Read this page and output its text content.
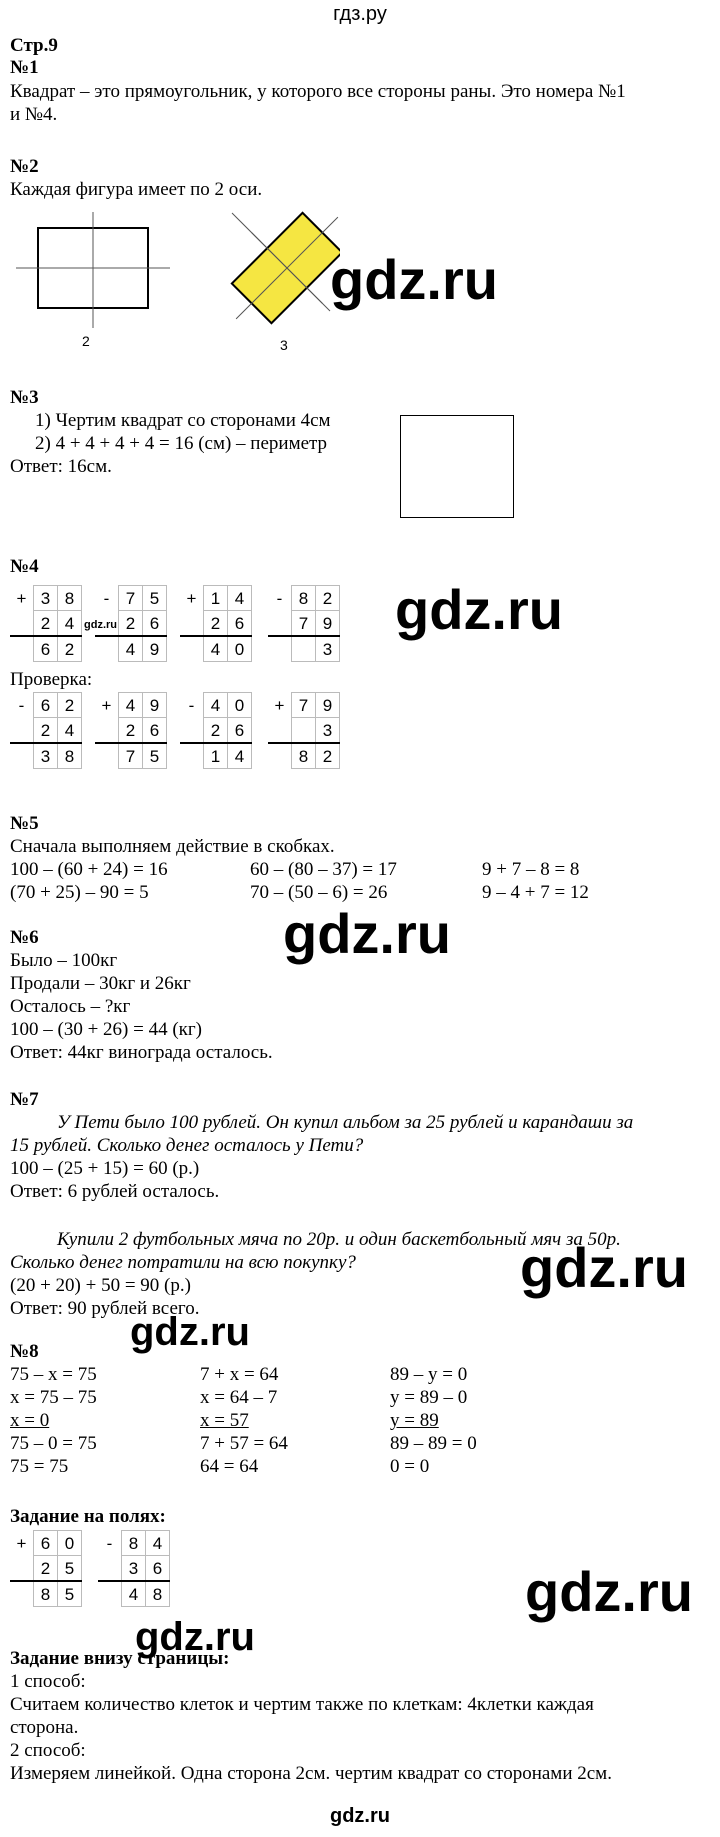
гдз.ру
Стр.9
№1
Квадрат – это прямоугольник, у которого все стороны раны. Это номера №1
и №4.
№2
Каждая фигура имеет по 2 оси.
2	3
gdz.ru
№3
1) Чертим квадрат со сторонами 4см
2) 4 + 4 + 4 + 4 = 16 (см) – периметр
Ответ: 16см.
№4
+	3	8
	2	4
	6	2
-	7	5
	2	6
	4	9
+	1	4
	2	6
	4	0
-	8	2
	7	9
		3
gdz.ru	gdz.ru
Проверка:
-	6	2
	2	4
	3	8
+	4	9
	2	6
	7	5
-	4	0
	2	6
	1	4
+	7	9
		3
	8	2
№5
Сначала выполняем действие в скобках.
100 – (60 + 24) = 16	60 – (80 – 37) = 17	9 + 7 – 8 = 8
(70 + 25) – 90 = 5	70 – (50 – 6) = 26	9 – 4 + 7 = 12
№6	gdz.ru
Было – 100кг
Продали – 30кг и 26кг
Осталось – ?кг
100 – (30 + 26) = 44 (кг)
Ответ: 44кг винограда осталось.
№7
У Пети было 100 рублей. Он купил альбом за 25 рублей и карандаши за
15 рублей. Сколько денег осталось у Пети?
100 – (25 + 15) = 60 (р.)
Ответ: 6 рублей осталось.
Купили 2 футбольных мяча по 20р. и один баскетбольный мяч за 50р.
Сколько денег потратили на всю покупку?
(20 + 20) + 50 = 90 (р.)
Ответ: 90 рублей всего.
gdz.ru
gdz.ru
№8
75 – x = 75
x = 75 – 75
x = 0
75 – 0 = 75
75 = 75
7 + x = 64
x = 64 – 7
x = 57
7 + 57 = 64
64 = 64
89 – y = 0
y = 89 – 0
y = 89
89 – 89 = 0
0 = 0
Задание на полях:
+	6	0
	2	5
	8	5
-	8	4
	3	6
	4	8	gdz.ru
gdz.ru
Задание внизу страницы:
1 способ:
Считаем количество клеток и чертим также по клеткам: 4клетки каждая
сторона.
2 способ:
Измеряем линейкой. Одна сторона 2см. чертим квадрат со сторонами 2см.
gdz.ru
